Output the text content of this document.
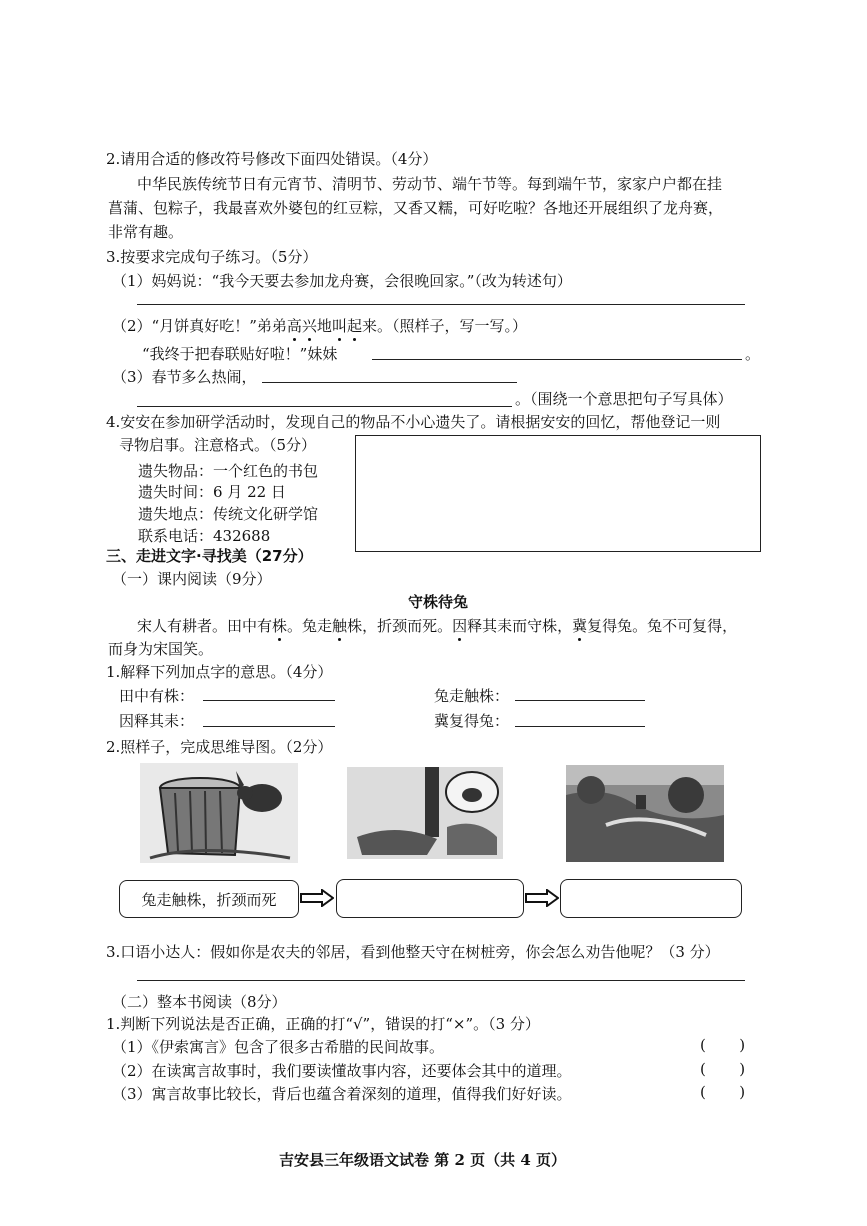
2.请用合适的修改符号修改下面四处错误。（4分）
中华民族传统节日有元宵节、清明节、劳动节、端午节等。每到端午节，家家户户都在挂
菖蒲、包粽子，我最喜欢外婆包的红豆粽，又香又糯，可好吃啦？各地还开展组织了龙舟赛，
非常有趣。
3.按要求完成句子练习。（5分）
（1）妈妈说：“我今天要去参加龙舟赛，会很晚回家。”（改为转述句）
（2）“月饼真好吃！”弟弟高兴地叫起来。（照样子，写一写。）
“我终于把春联贴好啦！”妹妹	。
（3）春节多么热闹，
。（围绕一个意思把句子写具体）
4.安安在参加研学活动时，发现自己的物品不小心遗失了。请根据安安的回忆，帮他登记一则
寻物启事。注意格式。（5分）
遗失物品：一个红色的书包
遗失时间：6 月 22 日
遗失地点：传统文化研学馆
联系电话：432688
三、走进文字·寻找美（27分）
（一）课内阅读（9分）
守株待兔
宋人有耕者。田中有株。兔走触株，折颈而死。因释其耒而守株，冀复得兔。兔不可复得，
而身为宋国笑。
1.解释下列加点字的意思。（4分）
田中有株：	兔走触株：
因释其耒：	冀复得兔：
2.照样子，完成思维导图。（2分）
兔走触株，折颈而死
3.口语小达人：假如你是农夫的邻居，看到他整天守在树桩旁，你会怎么劝告他呢？（3 分）
（二）整本书阅读（8分）
1.判断下列说法是否正确，正确的打“√”，错误的打“×”。（3 分）
（1）《伊索寓言》包含了很多古希腊的民间故事。	(       )
（2）在读寓言故事时，我们要读懂故事内容，还要体会其中的道理。	(       )
（3）寓言故事比较长，背后也蕴含着深刻的道理，值得我们好好读。	(       )
吉安县三年级语文试卷 第 2 页（共 4 页）
